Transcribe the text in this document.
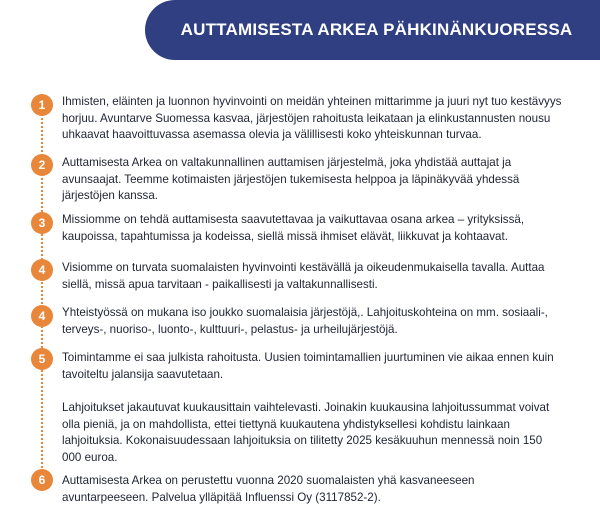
AUTTAMISESTA ARKEA PÄHKINÄNKUORESSA
1	Ihmisten, eläinten ja luonnon hyvinvointi on meidän yhteinen mittarimme ja juuri nyt tuo kestävyys horjuu. Avuntarve Suomessa kasvaa, järjestöjen rahoitusta leikataan ja elinkustannusten nousu uhkaavat haavoittuvassa asemassa olevia ja välillisesti koko yhteiskunnan turvaa.
2	Auttamisesta Arkea on valtakunnallinen auttamisen järjestelmä, joka yhdistää auttajat ja avunsaajat. Teemme kotimaisten järjestöjen tukemisesta helppoa ja läpinäkyvää yhdessä järjestöjen kanssa.
3	Missiomme on tehdä auttamisesta saavutettavaa ja vaikuttavaa osana arkea – yrityksissä, kaupoissa, tapahtumissa ja kodeissa, siellä missä ihmiset elävät, liikkuvat ja kohtaavat.
4	Visiomme on turvata suomalaisten hyvinvointi kestävällä ja oikeudenmukaisella tavalla. Auttaa siellä, missä apua tarvitaan - paikallisesti ja valtakunnallisesti.
4	Yhteistyössä on mukana iso joukko suomalaisia järjestöjä,. Lahjoituskohteina on mm. sosiaali-, terveys-, nuoriso-, luonto-, kulttuuri-, pelastus- ja urheilujärjestöjä.
5	Toimintamme ei saa julkista rahoitusta. Uusien toimintamallien juurtuminen vie aikaa ennen kuin tavoiteltu jalansija saavutetaan.
Lahjoitukset jakautuvat kuukausittain vaihtelevasti. Joinakin kuukausina lahjoitussummat voivat olla pieniä, ja on mahdollista, ettei tiettynä kuukautena yhdistyksellesi kohdistu lainkaan lahjoituksia. Kokonaisuudessaan lahjoituksia on tilitetty 2025 kesäkuuhun mennessä noin 150 000 euroa.
6	Auttamisesta Arkea on perustettu vuonna 2020 suomalaisten yhä kasvaneeseen avuntarpeeseen. Palvelua ylläpitää Influenssi Oy (3117852-2).
